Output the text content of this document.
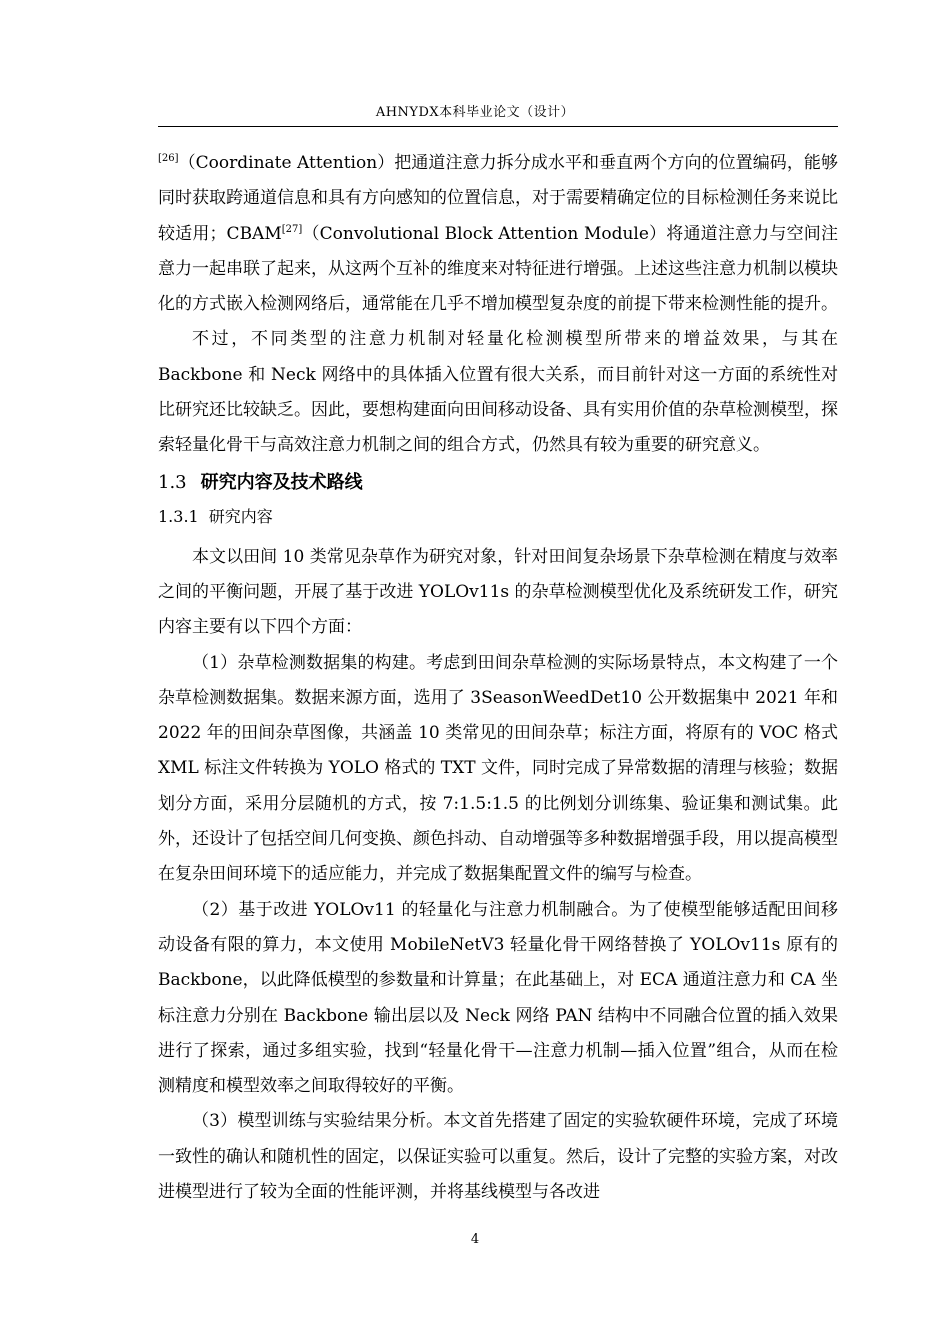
AHNYDX本科毕业论文（设计）

[26]（Coordinate Attention）把通道注意力拆分成水平和垂直两个方向的位置编码，能够同时获取跨通道信息和具有方向感知的位置信息，对于需要精确定位的目标检测任务来说比较适用；CBAM[27]（Convolutional Block Attention Module）将通道注意力与空间注意力一起串联了起来，从这两个互补的维度来对特征进行增强。上述这些注意力机制以模块化的方式嵌入检测网络后，通常能在几乎不增加模型复杂度的前提下带来检测性能的提升。

不过，不同类型的注意力机制对轻量化检测模型所带来的增益效果，与其在 Backbone 和 Neck 网络中的具体插入位置有很大关系，而目前针对这一方面的系统性对比研究还比较缺乏。因此，要想构建面向田间移动设备、具有实用价值的杂草检测模型，探索轻量化骨干与高效注意力机制之间的组合方式，仍然具有较为重要的研究意义。

1.3 研究内容及技术路线
1.3.1 研究内容

本文以田间 10 类常见杂草作为研究对象，针对田间复杂场景下杂草检测在精度与效率之间的平衡问题，开展了基于改进 YOLOv11s 的杂草检测模型优化及系统研发工作，研究内容主要有以下四个方面：

（1）杂草检测数据集的构建。考虑到田间杂草检测的实际场景特点，本文构建了一个杂草检测数据集。数据来源方面，选用了 3SeasonWeedDet10 公开数据集中 2021 年和 2022 年的田间杂草图像，共涵盖 10 类常见的田间杂草；标注方面，将原有的 VOC 格式 XML 标注文件转换为 YOLO 格式的 TXT 文件，同时完成了异常数据的清理与核验；数据划分方面，采用分层随机的方式，按 7:1.5:1.5 的比例划分训练集、验证集和测试集。此外，还设计了包括空间几何变换、颜色抖动、自动增强等多种数据增强手段，用以提高模型在复杂田间环境下的适应能力，并完成了数据集配置文件的编写与检查。

（2）基于改进 YOLOv11 的轻量化与注意力机制融合。为了使模型能够适配田间移动设备有限的算力，本文使用 MobileNetV3 轻量化骨干网络替换了 YOLOv11s 原有的 Backbone，以此降低模型的参数量和计算量；在此基础上，对 ECA 通道注意力和 CA 坐标注意力分别在 Backbone 输出层以及 Neck 网络 PAN 结构中不同融合位置的插入效果进行了探索，通过多组实验，找到“轻量化骨干—注意力机制—插入位置”组合，从而在检测精度和模型效率之间取得较好的平衡。

（3）模型训练与实验结果分析。本文首先搭建了固定的实验软硬件环境，完成了环境一致性的确认和随机性的固定，以保证实验可以重复。然后，设计了完整的实验方案，对改进模型进行了较为全面的性能评测，并将基线模型与各改进

4
